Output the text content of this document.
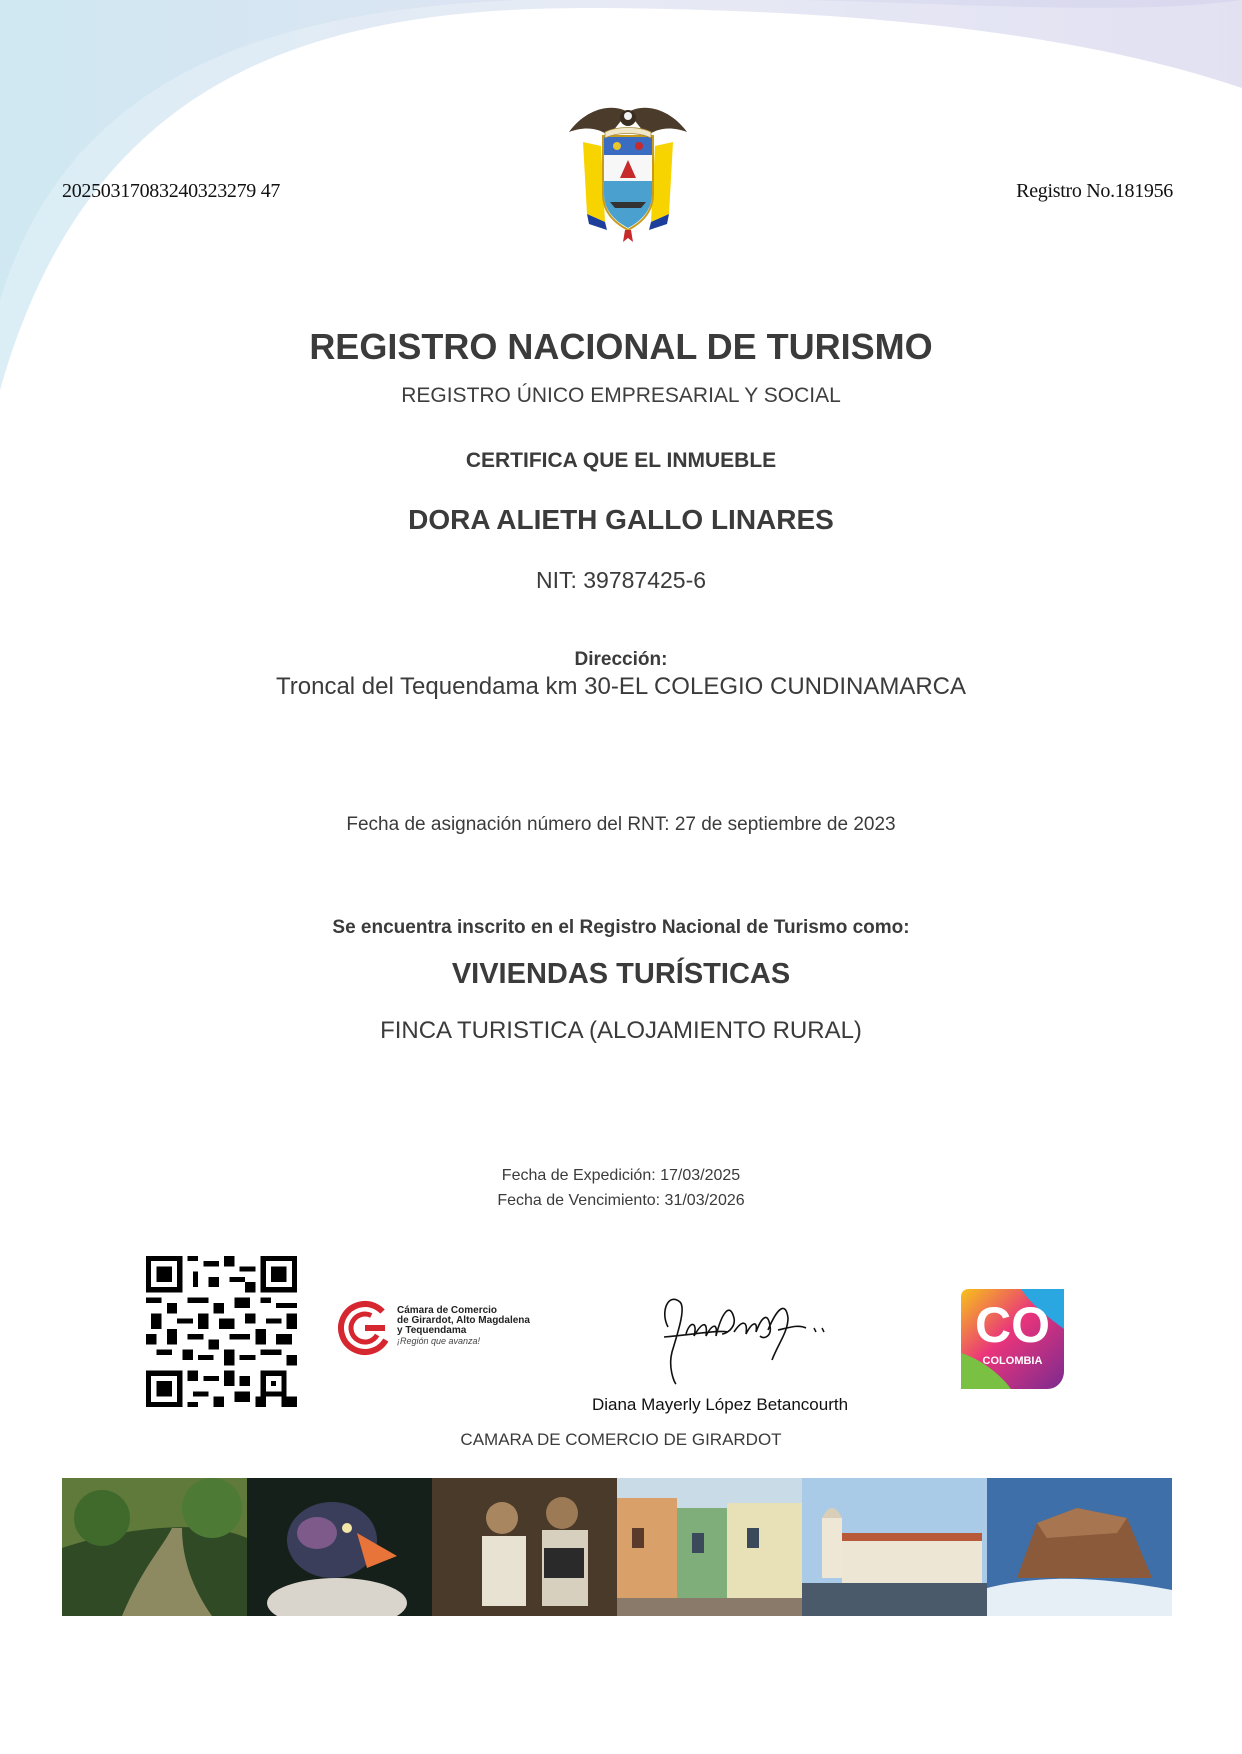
20250317083240323279 47	Registro No.181956
REGISTRO NACIONAL DE TURISMO
REGISTRO ÚNICO EMPRESARIAL Y SOCIAL
CERTIFICA QUE EL INMUEBLE
DORA ALIETH GALLO LINARES
NIT: 39787425-6
Dirección:
Troncal del Tequendama km 30-EL COLEGIO CUNDINAMARCA
Fecha de asignación número del RNT: 27 de septiembre de 2023
Se encuentra inscrito en el Registro Nacional de Turismo como:
VIVIENDAS TURÍSTICAS
FINCA TURISTICA (ALOJAMIENTO RURAL)
Fecha de Expedición: 17/03/2025
Fecha de Vencimiento: 31/03/2026
Cámara de Comercio
de Girardot, Alto Magdalena
y Tequendama
¡Región que avanza!
Diana Mayerly López Betancourth
CAMARA DE COMERCIO DE GIRARDOT
CO
COLOMBIA
